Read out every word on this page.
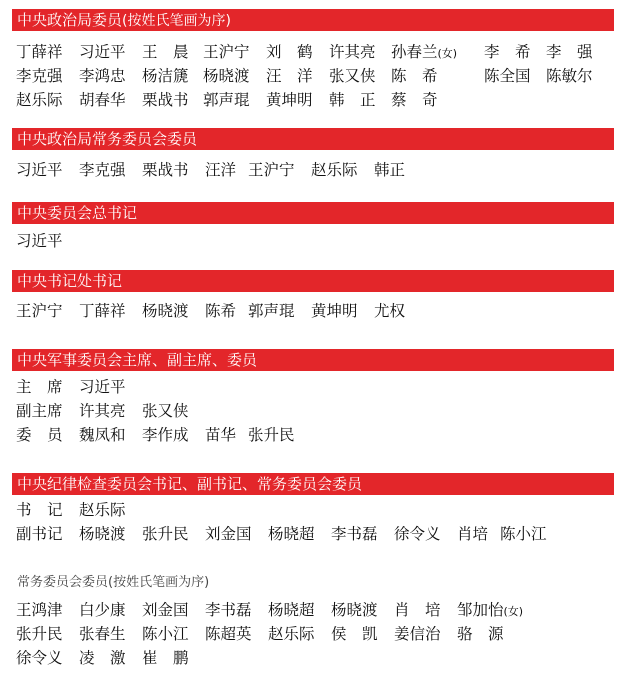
中央政治局委员(按姓氏笔画为序)
丁薛祥 习近平 王　晨 王沪宁 刘　鹤 许其亮 孙春兰(女) 李　希 李　强
李克强 李鸿忠 杨洁篪 杨晓渡 汪　洋 张又侠 陈　希	陈全国 陈敏尔
赵乐际 胡春华 栗战书 郭声琨 黄坤明 韩　正 蔡　奇
中央政治局常务委员会委员
习近平 李克强 栗战书 汪洋 王沪宁 赵乐际 韩正
中央委员会总书记
习近平
中央书记处书记
王沪宁 丁薛祥 杨晓渡 陈希 郭声琨 黄坤明 尤权
中央军事委员会主席、副主席、委员
主　席 习近平
副主席 许其亮 张又侠
委　员 魏凤和 李作成 苗华 张升民
中央纪律检查委员会书记、副书记、常务委员会委员
书　记 赵乐际
副书记 杨晓渡 张升民 刘金国 杨晓超 李书磊 徐令义 肖培 陈小江
常务委员会委员(按姓氏笔画为序)
王鸿津 白少康 刘金国 李书磊 杨晓超 杨晓渡 肖　培 邹加怡(女)
张升民 张春生 陈小江 陈超英 赵乐际 侯　凯 姜信治 骆　源
徐令义 凌　激 崔　鹏
